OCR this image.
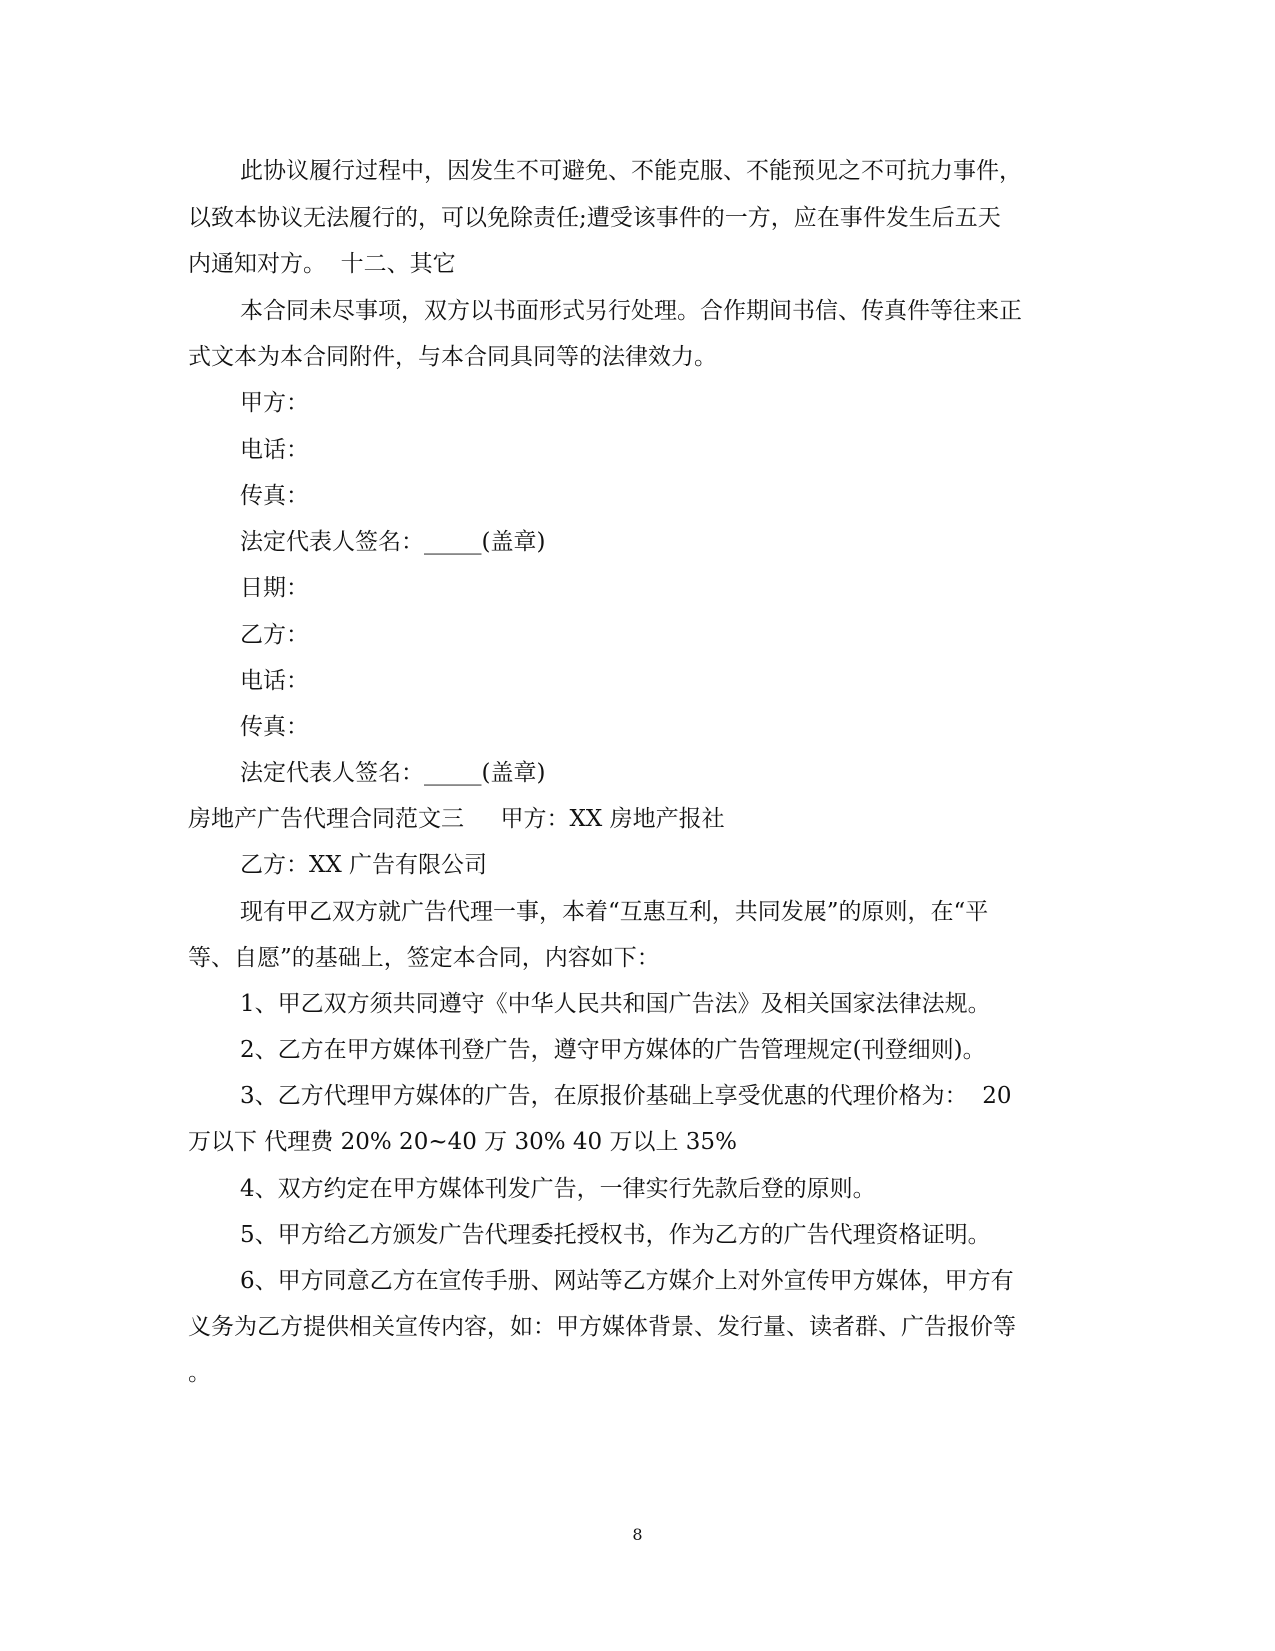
此协议履行过程中，因发生不可避免、不能克服、不能预见之不可抗力事件，
以致本协议无法履行的，可以免除责任;遭受该事件的一方，应在事件发生后五天
内通知对方。  十二、其它
本合同未尽事项，双方以书面形式另行处理。合作期间书信、传真件等往来正
式文本为本合同附件，与本合同具同等的法律效力。
甲方：
电话：
传真：
法定代表人签名：_____(盖章)
日期：
乙方：
电话：
传真：
法定代表人签名：_____(盖章)
房地产广告代理合同范文三     甲方：XX 房地产报社
乙方：XX 广告有限公司
现有甲乙双方就广告代理一事，本着“互惠互利，共同发展”的原则，在“平
等、自愿”的基础上，签定本合同，内容如下：
1、甲乙双方须共同遵守《中华人民共和国广告法》及相关国家法律法规。
2、乙方在甲方媒体刊登广告，遵守甲方媒体的广告管理规定(刊登细则)。
3、乙方代理甲方媒体的广告，在原报价基础上享受优惠的代理价格为：  20
万以下 代理费 20% 20~40 万 30% 40 万以上 35%
4、双方约定在甲方媒体刊发广告，一律实行先款后登的原则。
5、甲方给乙方颁发广告代理委托授权书，作为乙方的广告代理资格证明。
6、甲方同意乙方在宣传手册、网站等乙方媒介上对外宣传甲方媒体，甲方有
义务为乙方提供相关宣传内容，如：甲方媒体背景、发行量、读者群、广告报价等
。
8
